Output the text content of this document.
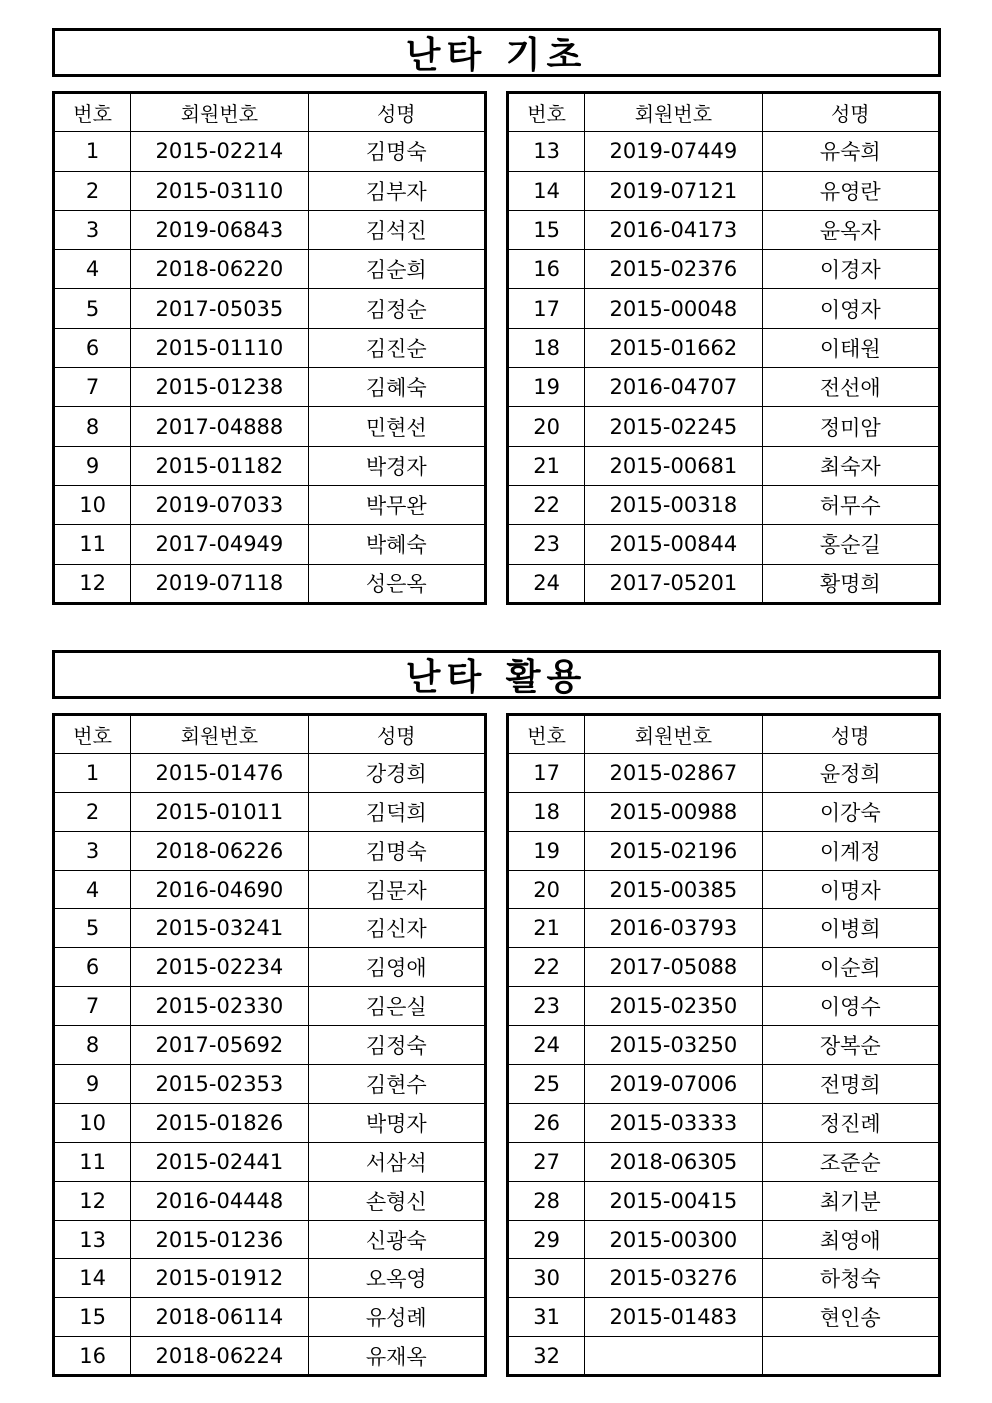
난타 기초
번호	회원번호	성명
1	2015-02214	김명숙
2	2015-03110	김부자
3	2019-06843	김석진
4	2018-06220	김순희
5	2017-05035	김정순
6	2015-01110	김진순
7	2015-01238	김혜숙
8	2017-04888	민현선
9	2015-01182	박경자
10	2019-07033	박무완
11	2017-04949	박혜숙
12	2019-07118	성은옥
번호	회원번호	성명
13	2019-07449	유숙희
14	2019-07121	유영란
15	2016-04173	윤옥자
16	2015-02376	이경자
17	2015-00048	이영자
18	2015-01662	이태원
19	2016-04707	전선애
20	2015-02245	정미암
21	2015-00681	최숙자
22	2015-00318	허무수
23	2015-00844	홍순길
24	2017-05201	황명희
난타 활용
번호	회원번호	성명
1	2015-01476	강경희
2	2015-01011	김덕희
3	2018-06226	김명숙
4	2016-04690	김문자
5	2015-03241	김신자
6	2015-02234	김영애
7	2015-02330	김은실
8	2017-05692	김정숙
9	2015-02353	김현수
10	2015-01826	박명자
11	2015-02441	서삼석
12	2016-04448	손형신
13	2015-01236	신광숙
14	2015-01912	오옥영
15	2018-06114	유성례
16	2018-06224	유재옥
번호	회원번호	성명
17	2015-02867	윤정희
18	2015-00988	이강숙
19	2015-02196	이계정
20	2015-00385	이명자
21	2016-03793	이병희
22	2017-05088	이순희
23	2015-02350	이영수
24	2015-03250	장복순
25	2019-07006	전명희
26	2015-03333	정진례
27	2018-06305	조준순
28	2015-00415	최기분
29	2015-00300	최영애
30	2015-03276	하청숙
31	2015-01483	현인송
32		
